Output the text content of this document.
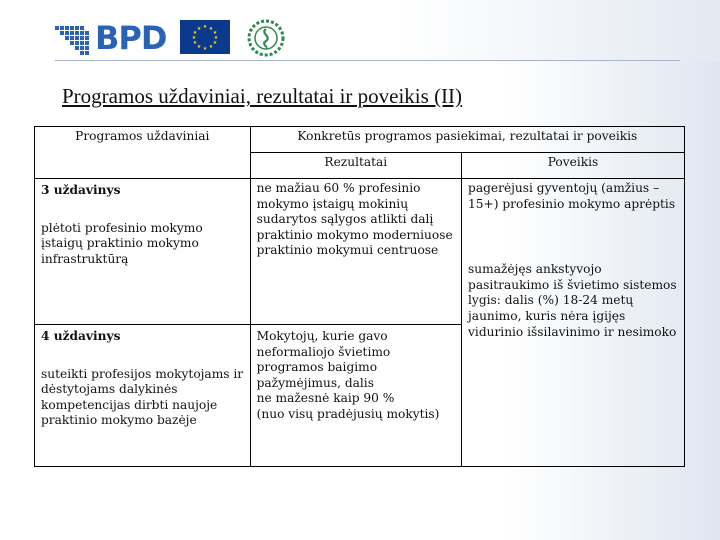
BPD	★ ★
★
★
★
★
★
★
★
★
★
★
Programos uždaviniai, rezultatai ir poveikis (II)
Programos uždaviniai	Konkretūs programos pasiekimai, rezultatai ir poveikis	
	Rezultatai	Poveikis

3 uždavinys
plėtoti profesinio mokymo įstaigų praktinio mokymo infrastruktūrą	ne mažiau 60 % profesinio mokymo įstaigų mokinių sudarytos sąlygos atlikti dalį praktinio mokymo moderniuose praktinio mokymui centruose	pagerėjusi gyventojų (amžius – 15+) profesinio mokymo aprėptis
sumažėjęs ankstyvojo pasitraukimo iš švietimo sistemos lygis: dalis (%) 18-24 metų jaunimo, kuris nėra įgijęs vidurinio išsilavinimo ir nesimoko

4 uždavinys
suteikti profesijos mokytojams ir dėstytojams dalykinės kompetencijas dirbti naujoje praktinio mokymo bazėje	Mokytojų, kurie gavo neformaliojo švietimo programos baigimo pažymėjimus, dalis
ne mažesnė kaip 90 %
(nuo visų pradėjusių mokytis)	
